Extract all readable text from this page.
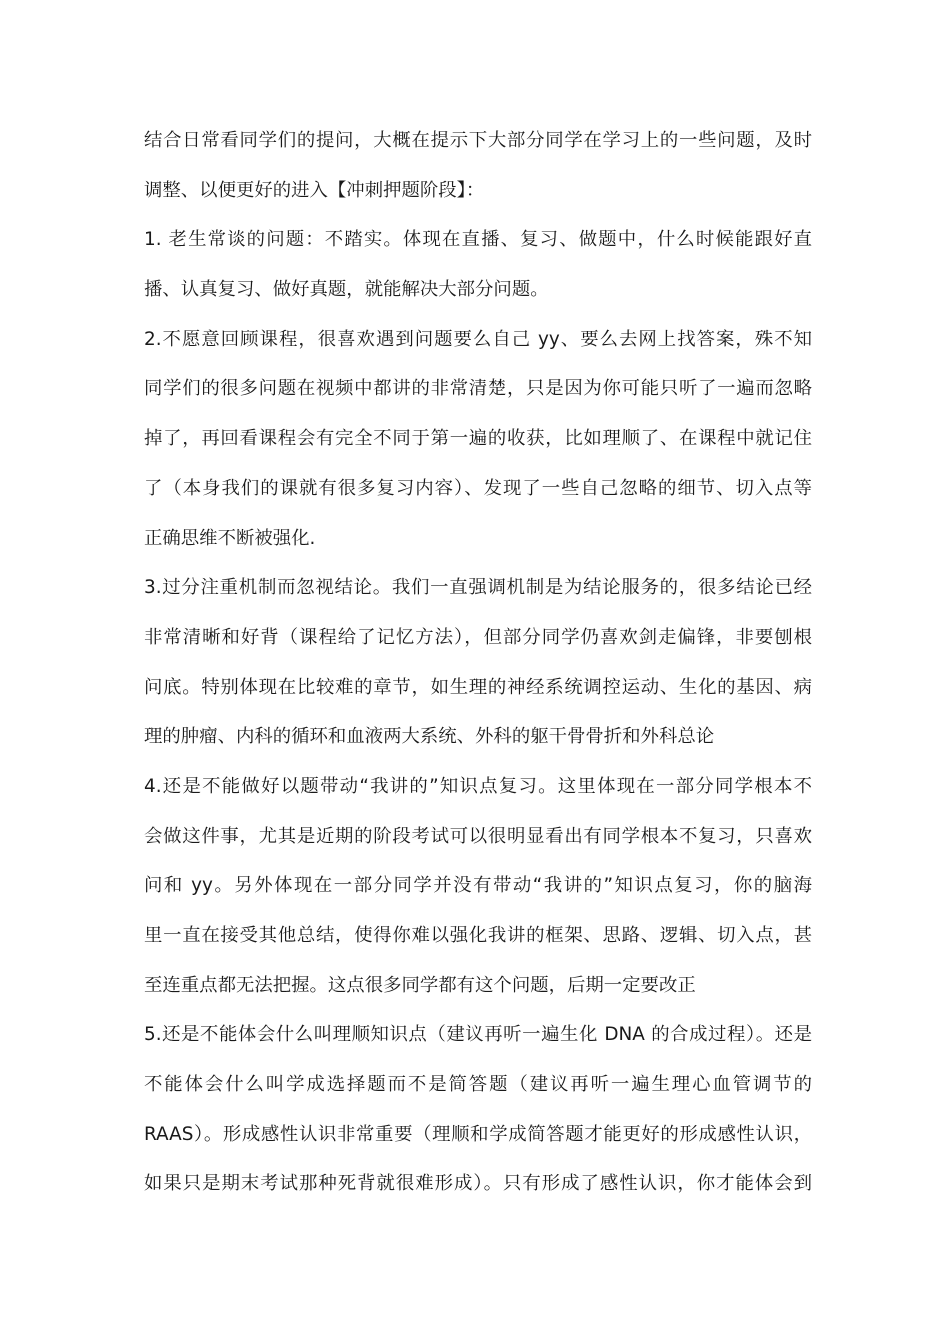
结合日常看同学们的提问，大概在提示下大部分同学在学习上的一些问题，及时
调整、以便更好的进入【冲刺押题阶段】：
1. 老生常谈的问题：不踏实。体现在直播、复习、做题中，什么时候能跟好直
播、认真复习、做好真题，就能解决大部分问题。
2.不愿意回顾课程，很喜欢遇到问题要么自己 yy、要么去网上找答案，殊不知
同学们的很多问题在视频中都讲的非常清楚，只是因为你可能只听了一遍而忽略
掉了，再回看课程会有完全不同于第一遍的收获，比如理顺了、在课程中就记住
了（本身我们的课就有很多复习内容）、发现了一些自己忽略的细节、切入点等
正确思维不断被强化.
3.过分注重机制而忽视结论。我们一直强调机制是为结论服务的，很多结论已经
非常清晰和好背（课程给了记忆方法），但部分同学仍喜欢剑走偏锋，非要刨根
问底。特别体现在比较难的章节，如生理的神经系统调控运动、生化的基因、病
理的肿瘤、内科的循环和血液两大系统、外科的躯干骨骨折和外科总论
4.还是不能做好以题带动“我讲的”知识点复习。这里体现在一部分同学根本不
会做这件事，尤其是近期的阶段考试可以很明显看出有同学根本不复习，只喜欢
问和 yy。另外体现在一部分同学并没有带动“我讲的”知识点复习，你的脑海
里一直在接受其他总结，使得你难以强化我讲的框架、思路、逻辑、切入点，甚
至连重点都无法把握。这点很多同学都有这个问题，后期一定要改正
5.还是不能体会什么叫理顺知识点（建议再听一遍生化 DNA 的合成过程）。还是
不能体会什么叫学成选择题而不是简答题（建议再听一遍生理心血管调节的
RAAS）。形成感性认识非常重要（理顺和学成简答题才能更好的形成感性认识，
如果只是期末考试那种死背就很难形成）。只有形成了感性认识，你才能体会到
